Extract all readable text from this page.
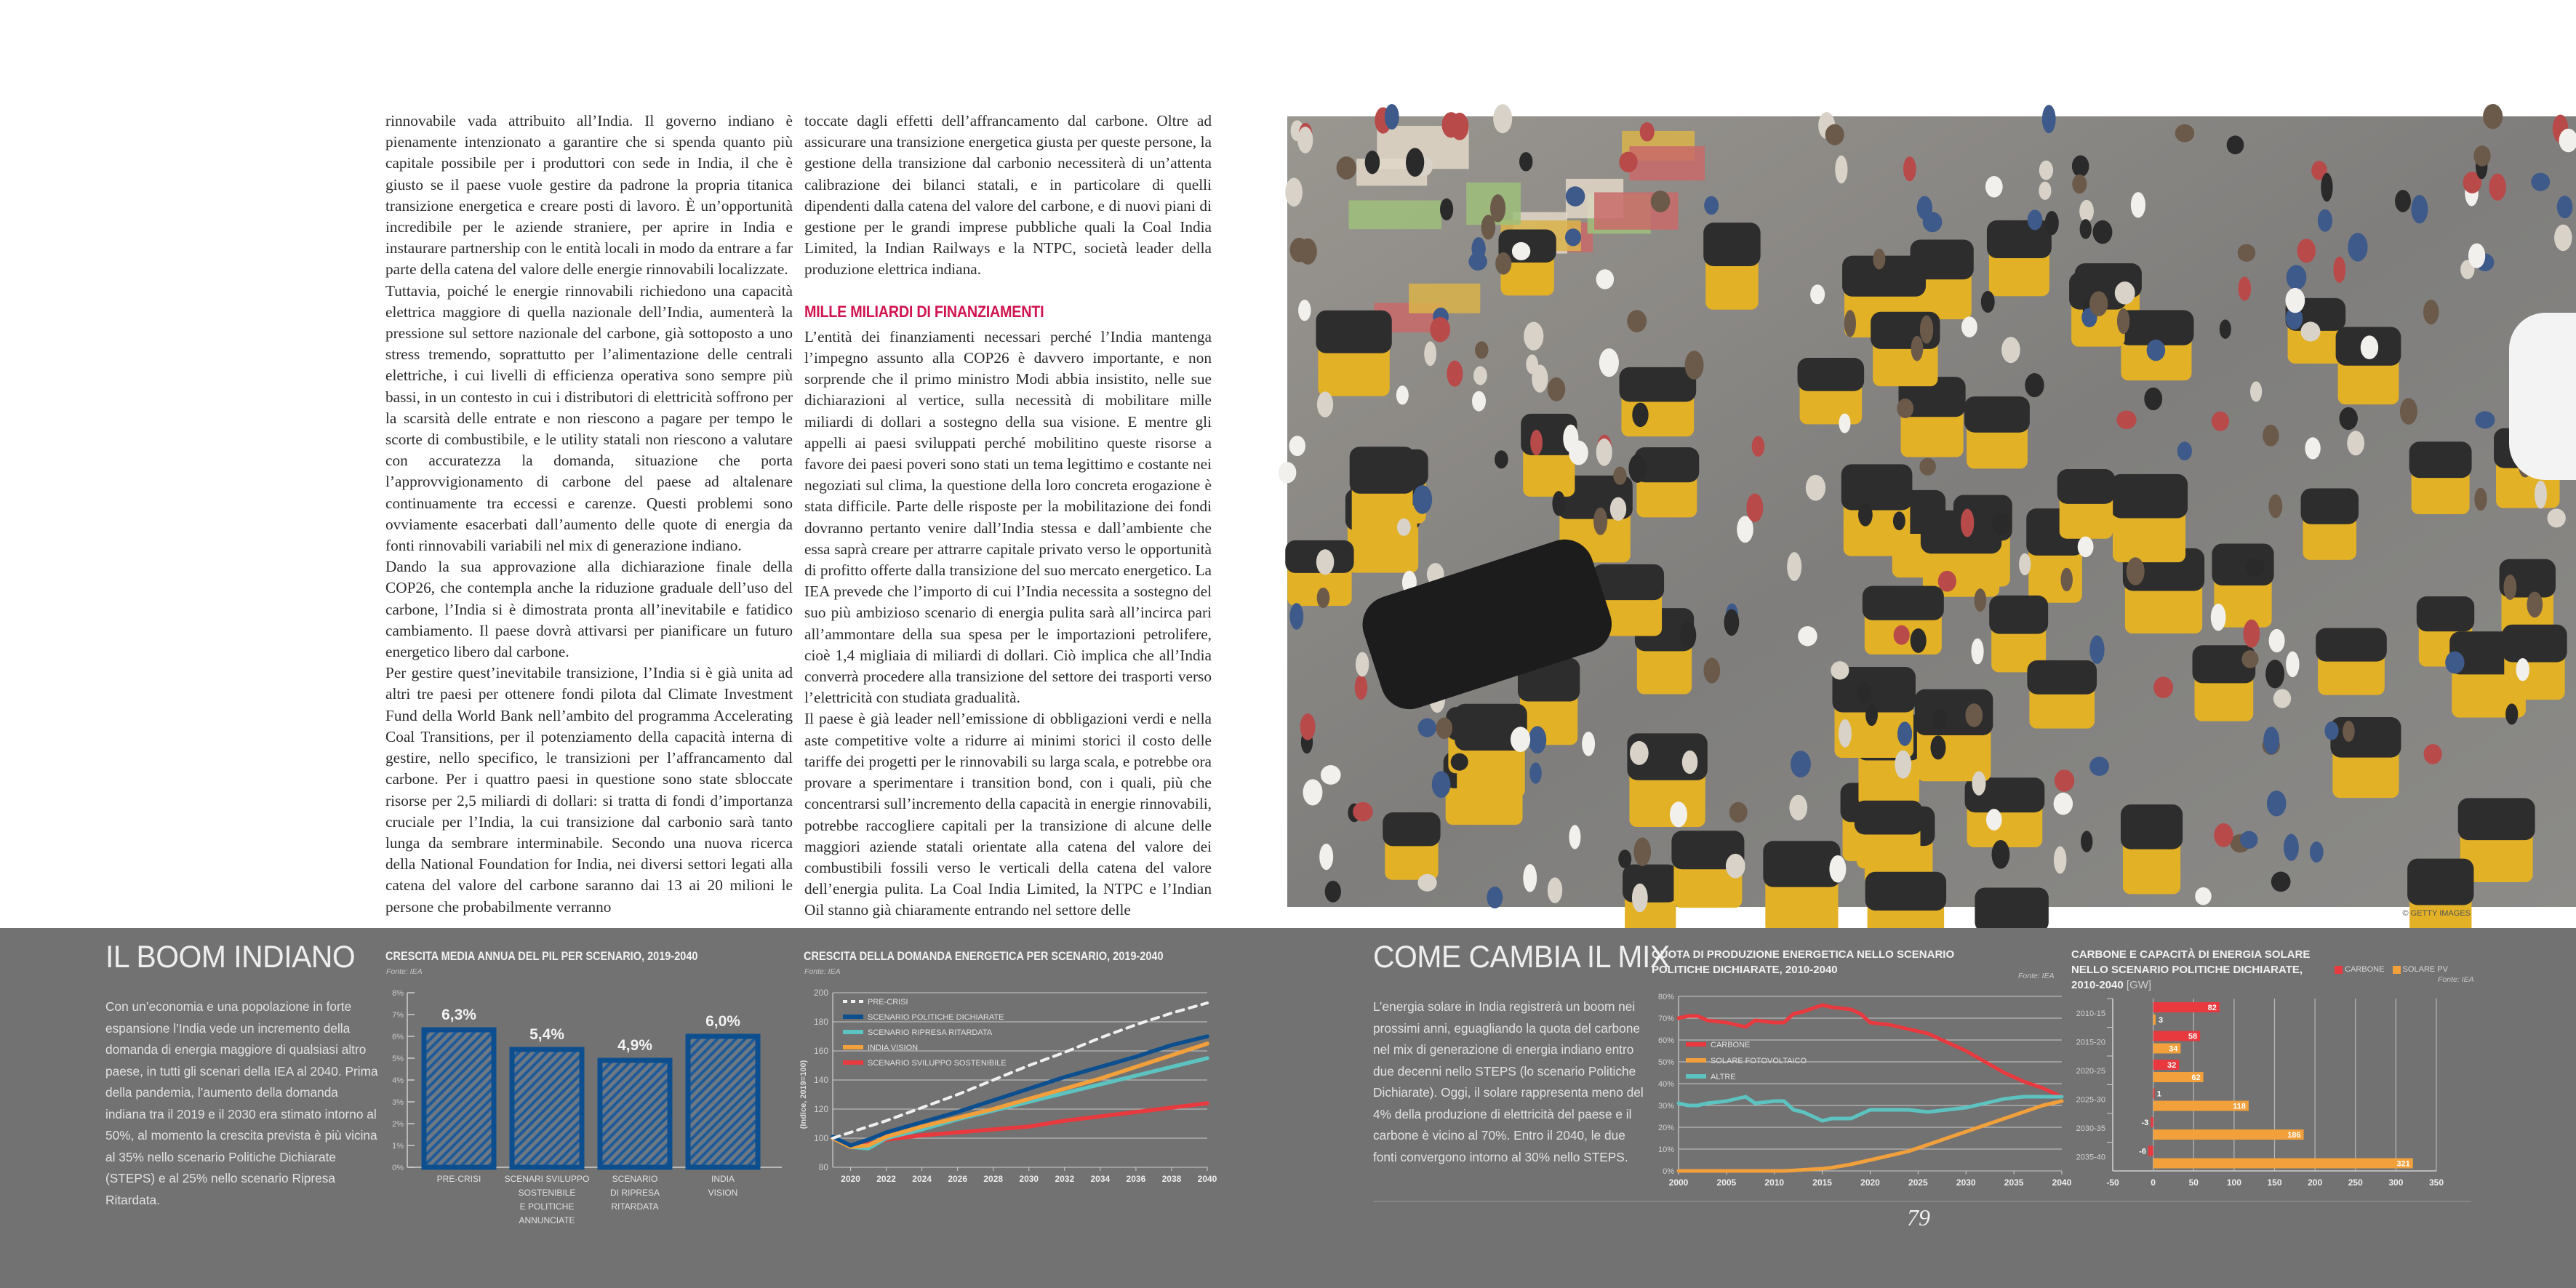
rinnovabile vada attribuito all’India. Il governo indiano è pienamente intenzionato a garantire che si spenda quanto più capitale possibile per i produttori con sede in India, il che è giusto se il paese vuole gestire da padrone la propria titanica transizione energetica e creare posti di lavoro. È un’opportunità incredibile per le aziende straniere, per aprire in India e instaurare partnership con le entità locali in modo da entrare a far parte della catena del valore delle energie rinnovabili localizzate.

Tuttavia, poiché le energie rinnovabili richiedono una capacità elettrica maggiore di quella nazionale dell’India, aumenterà la pressione sul settore nazionale del carbone, già sottoposto a uno stress tremendo, soprattutto per l’alimentazione delle centrali elettriche, i cui livelli di efficienza operativa sono sempre più bassi, in un contesto in cui i distributori di elettricità soffrono per la scarsità delle entrate e non riescono a pagare per tempo le scorte di combustibile, e le utility statali non riescono a valutare con accuratezza la domanda, situazione che porta l’approvvigionamento di carbone del paese ad altalenare continuamente tra eccessi e carenze. Questi problemi sono ovviamente esacerbati dall’aumento delle quote di energia da fonti rinnovabili variabili nel mix di generazione indiano.

Dando la sua approvazione alla dichiarazione finale della COP26, che contempla anche la riduzione graduale dell’uso del carbone, l’India si è dimostrata pronta all’inevitabile e fatidico cambiamento. Il paese dovrà attivarsi per pianificare un futuro energetico libero dal carbone.

Per gestire quest’inevitabile transizione, l’India si è già unita ad altri tre paesi per ottenere fondi pilota dal Climate Investment Fund della World Bank nell’ambito del programma Accelerating Coal Transitions, per il potenziamento della capacità interna di gestire, nello specifico, le transizioni per l’affrancamento dal carbone. Per i quattro paesi in questione sono state sbloccate risorse per 2,5 miliardi di dollari: si tratta di fondi d’importanza cruciale per l’India, la cui transizione dal carbonio sarà tanto lunga da sembrare interminabile. Secondo una nuova ricerca della National Foundation for India, nei diversi settori legati alla catena del valore del carbone saranno dai 13 ai 20 milioni le persone che probabilmente verranno

toccate dagli effetti dell’affrancamento dal carbone. Oltre ad assicurare una transizione energetica giusta per queste persone, la gestione della transizione dal carbonio necessiterà di un’attenta calibrazione dei bilanci statali, e in particolare di quelli dipendenti dalla catena del valore del carbone, e di nuovi piani di gestione per le grandi imprese pubbliche quali la Coal India Limited, la Indian Railways e la NTPC, società leader della produzione elettrica indiana.

MILLE MILIARDI DI FINANZIAMENTI

L’entità dei finanziamenti necessari perché l’India mantenga l’impegno assunto alla COP26 è davvero importante, e non sorprende che il primo ministro Modi abbia insistito, nelle sue dichiarazioni al vertice, sulla necessità di mobilitare mille miliardi di dollari a sostegno della sua visione. E mentre gli appelli ai paesi sviluppati perché mobilitino queste risorse a favore dei paesi poveri sono stati un tema legittimo e costante nei negoziati sul clima, la questione della loro concreta erogazione è stata difficile. Parte delle risposte per la mobilitazione dei fondi dovranno pertanto venire dall’India stessa e dall’ambiente che essa saprà creare per attrarre capitale privato verso le opportunità di profitto offerte dalla transizione del suo mercato energetico. La IEA prevede che l’importo di cui l’India necessita a sostegno del suo più ambizioso scenario di energia pulita sarà all’incirca pari all’ammontare della sua spesa per le importazioni petrolifere, cioè 1,4 migliaia di miliardi di dollari. Ciò implica che all’India converrà procedere alla transizione del settore dei trasporti verso l’elettricità con studiata gradualità.

Il paese è già leader nell’emissione di obbligazioni verdi e nella aste competitive volte a ridurre ai minimi storici il costo delle tariffe dei progetti per le rinnovabili su larga scala, e potrebbe ora provare a sperimentare i transition bond, con i quali, più che concentrarsi sull’incremento della capacità in energie rinnovabili, potrebbe raccogliere capitali per la transizione di alcune delle maggiori aziende statali orientate alla catena del valore dei combustibili fossili verso le verticali della catena del valore dell’energia pulita. La Coal India Limited, la NTPC e l’Indian Oil stanno già chiaramente entrando nel settore delle	© GETTY IMAGES
IL BOOM INDIANO
Con un’economia e una popolazione in forte espansione l’India vede un incremento della domanda di energia maggiore di qualsiasi altro paese, in tutti gli scenari della IEA al 2040. Prima della pandemia, l’aumento della domanda indiana tra il 2019 e il 2030 era stimato intorno al 50%, al momento la crescita prevista è più vicina al 35% nello scenario Politiche Dichiarate (STEPS) e al 25% nello scenario Ripresa Ritardata.
CRESCITA MEDIA ANNUA DEL PIL PER SCENARIO, 2019-2040
Fonte: IEA
0%
1%
2%
3%
4%
5%
6%
7%
8%
6,3%
PRE-CRISI
5,4%
SCENARI SVILUPPO
SOSTENIBILE
E POLITICHE
ANNUNCIATE
4,9%
SCENARIO
DI RIPRESA
RITARDATA
6,0%
INDIA
VISION
CRESCITA DELLA DOMANDA ENERGETICA PER SCENARIO, 2019-2040
Fonte: IEA
80
100
120
140
160
180
200
2020 2022 2024 2026 2028 2030 2032 2034 2036 2038 2040
(Indice, 2019=100)
PRE-CRISI
SCENARIO POLITICHE DICHIARATE
SCENARIO RIPRESA RITARDATA
INDIA VISION
SCENARIO SVILUPPO SOSTENIBILE
COME CAMBIA IL MIX
L’energia solare in India registrerà un boom nei prossimi anni, eguagliando la quota del carbone nel mix di generazione di energia indiano entro due decenni nello STEPS (lo scenario Politiche Dichiarate). Oggi, il solare rappresenta meno del 4% della produzione di elettricità del paese e il carbone è vicino al 70%. Entro il 2040, le due fonti convergono intorno al 30% nello STEPS.
QUOTA DI PRODUZIONE ENERGETICA NELLO SCENARIO POLITICHE DICHIARATE, 2010-2040	Fonte: IEA
0%
10%
20%
30%
40%
50%
60%
70%
80%
2000	2005	2010	2015	2020	2025	2030	2035	2040
CARBONE
SOLARE FOTOVOLTAICO
ALTRE
CARBONE E CAPACITÀ DI ENERGIA SOLARE NELLO SCENARIO POLITICHE DICHIARATE, 2010-2040 [GW]
CARBONE SOLARE PV
Fonte: IEA
-50	0	50	100	150	200	250	300	350
2010-15
82
3
2015-20
58
34
2020-25
32
62
2025-30
1
118
2030-35
-3
186
2035-40
-6
321
79
